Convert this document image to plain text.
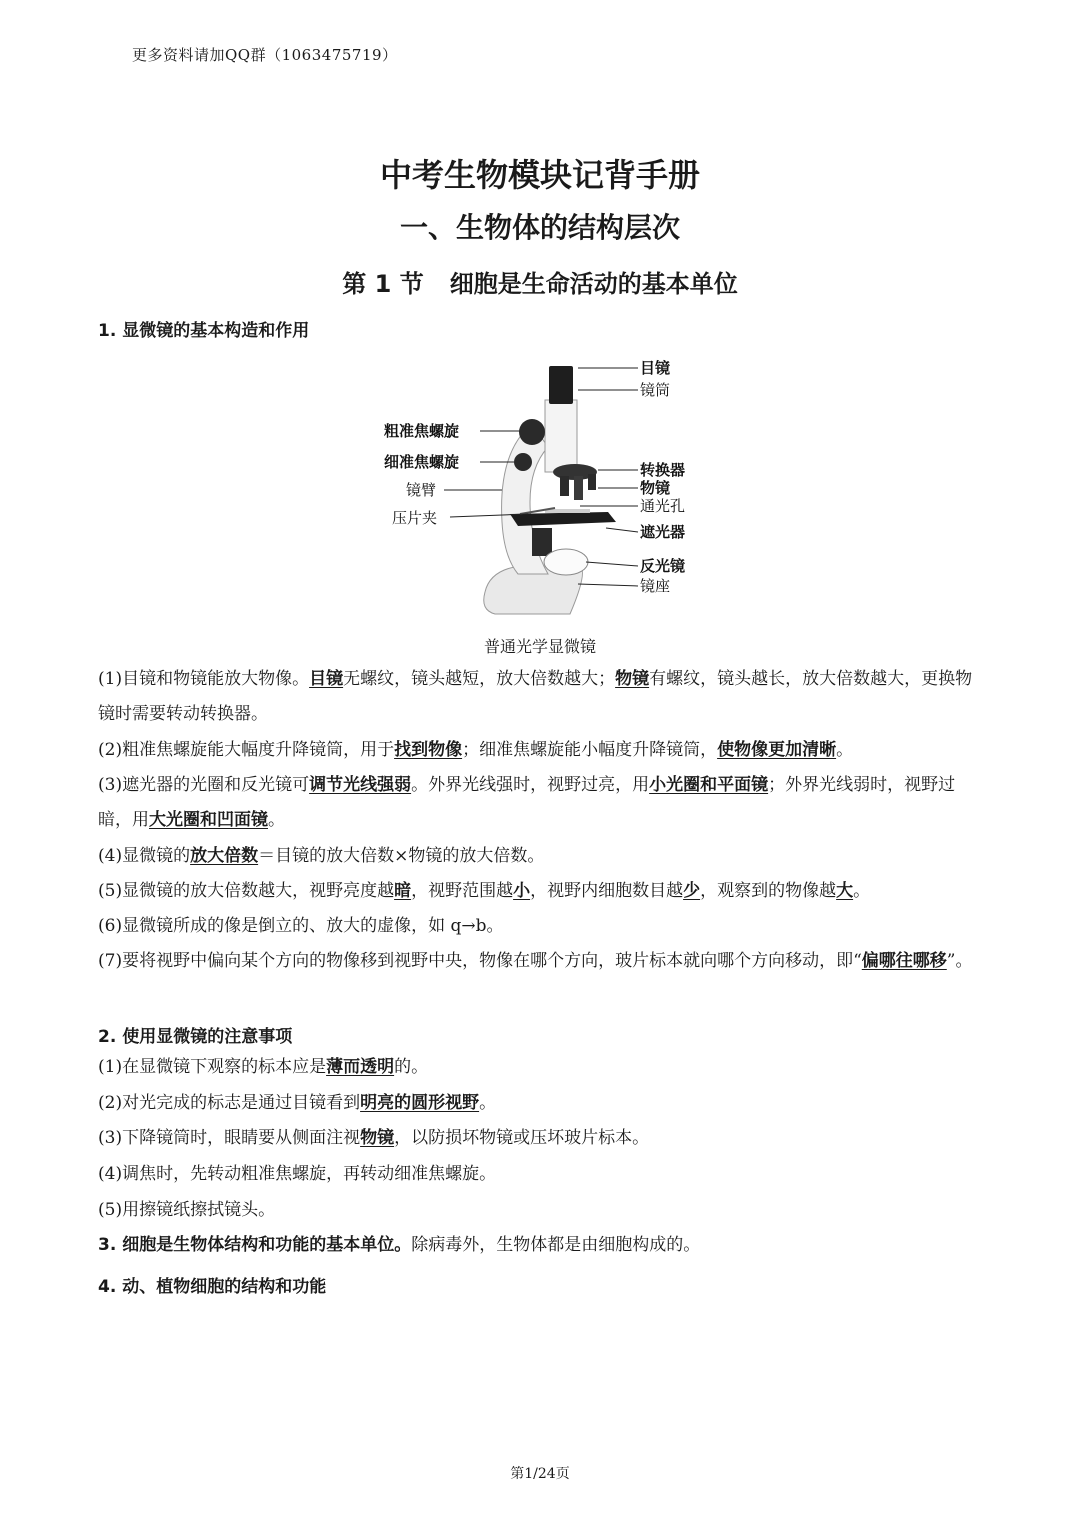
更多资料请加QQ群（1063475719）
中考生物模块记背手册
一、生物体的结构层次
第 1 节 细胞是生命活动的基本单位
1. 显微镜的基本构造和作用
目镜
镜筒
粗准焦螺旋
细准焦螺旋
镜臂
压片夹
转换器
物镜
通光孔
遮光器
反光镜
镜座
普通光学显微镜
(1)目镜和物镜能放大物像。目镜无螺纹，镜头越短，放大倍数越大；物镜有螺纹，镜头越长，放大倍数越大，更换物镜时需要转动转换器。
(2)粗准焦螺旋能大幅度升降镜筒，用于找到物像；细准焦螺旋能小幅度升降镜筒，使物像更加清晰。
(3)遮光器的光圈和反光镜可调节光线强弱。外界光线强时，视野过亮，用小光圈和平面镜；外界光线弱时，视野过暗，用大光圈和凹面镜。
(4)显微镜的放大倍数＝目镜的放大倍数×物镜的放大倍数。
(5)显微镜的放大倍数越大，视野亮度越暗，视野范围越小，视野内细胞数目越少，观察到的物像越大。
(6)显微镜所成的像是倒立的、放大的虚像，如 q→b。
(7)要将视野中偏向某个方向的物像移到视野中央，物像在哪个方向，玻片标本就向哪个方向移动，即“偏哪往哪移”。
2. 使用显微镜的注意事项
(1)在显微镜下观察的标本应是薄而透明的。
(2)对光完成的标志是通过目镜看到明亮的圆形视野。
(3)下降镜筒时，眼睛要从侧面注视物镜，以防损坏物镜或压坏玻片标本。
(4)调焦时，先转动粗准焦螺旋，再转动细准焦螺旋。
(5)用擦镜纸擦拭镜头。
3. 细胞是生物体结构和功能的基本单位。除病毒外，生物体都是由细胞构成的。
4. 动、植物细胞的结构和功能
第1/24页
